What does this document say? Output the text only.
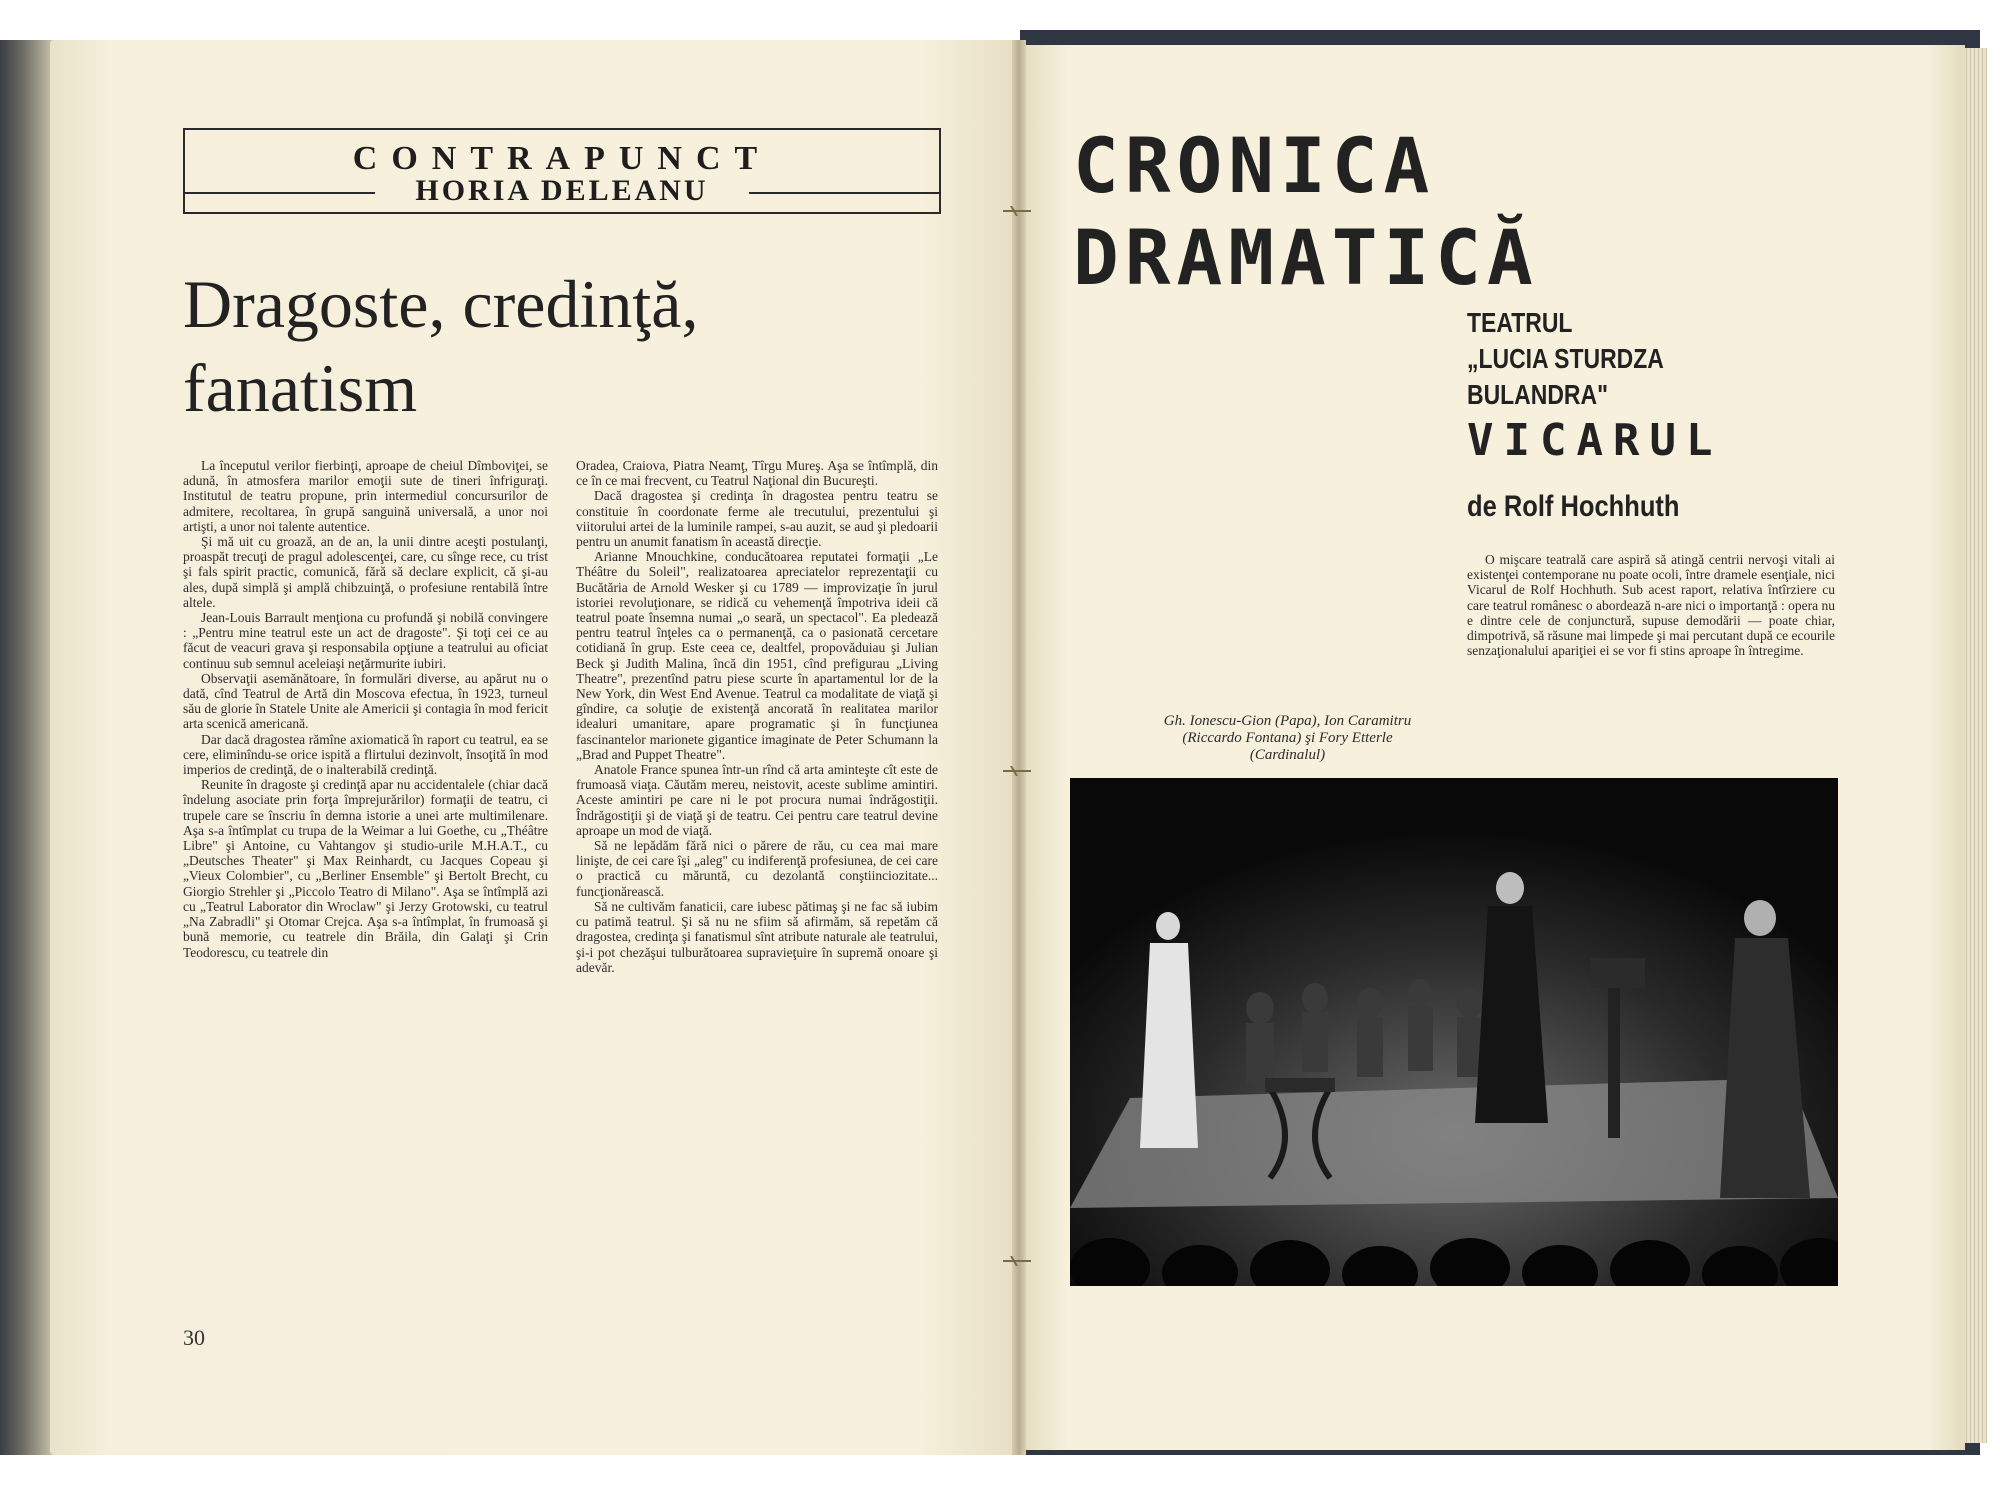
CONTRAPUNCT
HORIA DELEANU
Dragoste, credinţă,
fanatism

La începutul verilor fierbinţi, aproape de cheiul Dîmboviţei, se adună, în atmosfera marilor emoţii sute de tineri înfriguraţi. Institutul de teatru propune, prin intermediul concursurilor de admitere, recoltarea, în grupă sanguină universală, a unor noi artişti, a unor noi talente autentice.

Şi mă uit cu groază, an de an, la unii dintre aceşti postulanţi, proaspăt trecuţi de pragul adolescenţei, care, cu sînge rece, cu trist şi fals spirit practic, comunică, fără să declare explicit, că şi-au ales, după simplă şi amplă chibzuinţă, o profesiune rentabilă între altele.

Jean-Louis Barrault menţiona cu profundă şi nobilă convingere : „Pentru mine teatrul este un act de dragoste". Şi toţi cei ce au făcut de veacuri grava şi responsabila opţiune a teatrului au oficiat continuu sub semnul aceleiaşi neţărmurite iubiri.

Observaţii asemănătoare, în formulări diverse, au apărut nu o dată, cînd Teatrul de Artă din Moscova efectua, în 1923, turneul său de glorie în Statele Unite ale Americii şi contagia în mod fericit arta scenică americană.

Dar dacă dragostea rămîne axiomatică în raport cu teatrul, ea se cere, eliminîndu-se orice ispită a flirtului dezinvolt, însoţită în mod imperios de credinţă, de o inalterabilă credinţă.

Reunite în dragoste şi credinţă apar nu accidentalele (chiar dacă îndelung asociate prin forţa împrejurărilor) formaţii de teatru, ci trupele care se înscriu în demna istorie a unei arte multimilenare. Aşa s-a întîmplat cu trupa de la Weimar a lui Goethe, cu „Théâtre Libre" şi Antoine, cu Vahtangov şi studio-urile M.H.A.T., cu „Deutsches Theater" şi Max Reinhardt, cu Jacques Copeau şi „Vieux Colombier", cu „Berliner Ensemble" şi Bertolt Brecht, cu Giorgio Strehler şi „Piccolo Teatro di Milano". Aşa se întîmplă azi cu „Teatrul Laborator din Wroclaw" şi Jerzy Grotowski, cu teatrul „Na Zabradli" şi Otomar Crejca. Aşa s-a întîmplat, în frumoasă şi bună memorie, cu teatrele din Brăila, din Galaţi şi Crin Teodorescu, cu teatrele din

Oradea, Craiova, Piatra Neamţ, Tîrgu Mureş. Aşa se întîmplă, din ce în ce mai frecvent, cu Teatrul Naţional din Bucureşti.

Dacă dragostea şi credinţa în dragostea pentru teatru se constituie în coordonate ferme ale trecutului, prezentului şi viitorului artei de la luminile rampei, s-au auzit, se aud şi pledoarii pentru un anumit fanatism în această direcţie.

Arianne Mnouchkine, conducătoarea reputatei formaţii „Le Théâtre du Soleil", realizatoarea apreciatelor reprezentaţii cu Bucătăria de Arnold Wesker şi cu 1789 — improvizaţie în jurul istoriei revoluţionare, se ridică cu vehemenţă împotriva ideii că teatrul poate însemna numai „o seară, un spectacol". Ea pledează pentru teatrul înţeles ca o permanenţă, ca o pasionată cercetare cotidiană în grup. Este ceea ce, dealtfel, propovăduiau şi Julian Beck şi Judith Malina, încă din 1951, cînd prefigurau „Living Theatre", prezentînd patru piese scurte în apartamentul lor de la New York, din West End Avenue. Teatrul ca modalitate de viaţă şi gîndire, ca soluţie de existenţă ancorată în realitatea marilor idealuri umanitare, apare programatic şi în funcţiunea fascinantelor marionete gigantice imaginate de Peter Schumann la „Brad and Puppet Theatre".

Anatole France spunea într-un rînd că arta aminteşte cît este de frumoasă viaţa. Căutăm mereu, neistovit, aceste sublime amintiri. Aceste amintiri pe care ni le pot procura numai îndrăgostiţii. Îndrăgostiţii şi de viaţă şi de teatru. Cei pentru care teatrul devine aproape un mod de viaţă.

Să ne lepădăm fără nici o părere de rău, cu cea mai mare linişte, de cei care îşi „aleg" cu indiferenţă profesiunea, de cei care o practică cu măruntă, cu dezolantă conştiinciozitate... funcţionărească.

Să ne cultivăm fanaticii, care iubesc pătimaş şi ne fac să iubim cu patimă teatrul. Şi să nu ne sfiim să afirmăm, să repetăm că dragostea, credinţa şi fanatismul sînt atribute naturale ale teatrului, şi-i pot chezăşui tulburătoarea supravieţuire în supremă onoare şi adevăr.

30
CRONICA
DRAMATICĂ
TEATRUL
„LUCIA STURDZA BULANDRA"
VICARUL
de Rolf Hochhuth

O mişcare teatrală care aspiră să atingă centrii nervoşi vitali ai existenţei contemporane nu poate ocoli, între dramele esenţiale, nici Vicarul de Rolf Hochhuth. Sub acest raport, relativa întîrziere cu care teatrul românesc o abordează n-are nici o importanţă : opera nu e dintre cele de conjunctură, supuse demodării — poate chiar, dimpotrivă, să răsune mai limpede şi mai percutant după ce ecourile senzaţionalului apariţiei ei se vor fi stins aproape în întregime.

Gh. Ionescu-Gion (Papa), Ion Caramitru
(Riccardo Fontana) şi Fory Etterle
(Cardinalul)
